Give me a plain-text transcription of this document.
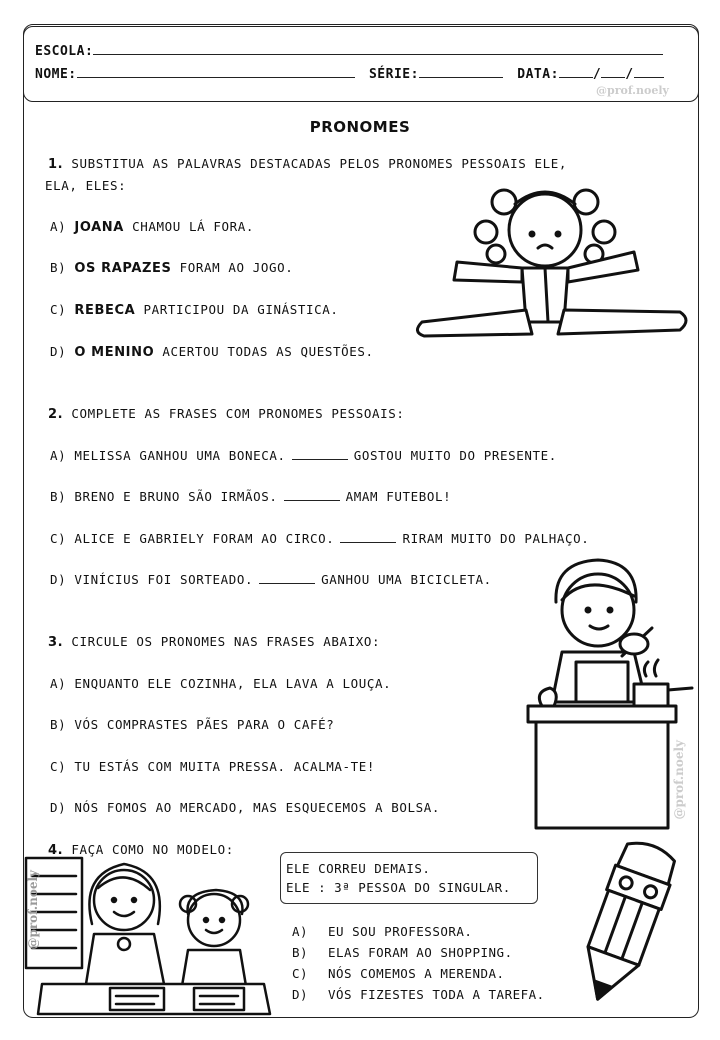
ESCOLA:
NOME:	SÉRIE:	DATA:	/ /
@prof.noely
PRONOMES
1. SUBSTITUA AS PALAVRAS DESTACADAS PELOS PRONOMES PESSOAIS ELE,
ELA, ELES:
A) JOANA CHAMOU LÁ FORA.
B) OS RAPAZES FORAM AO JOGO.
C) REBECA PARTICIPOU DA GINÁSTICA.
D) O MENINO ACERTOU TODAS AS QUESTÕES.
2. COMPLETE AS FRASES COM PRONOMES PESSOAIS:
A) MELISSA GANHOU UMA BONECA.	GOSTOU MUITO DO PRESENTE.
B) BRENO E BRUNO SÃO IRMÃOS.	AMAM FUTEBOL!
C) ALICE E GABRIELY FORAM AO CIRCO.	RIRAM MUITO DO PALHAÇO.
D) VINÍCIUS FOI SORTEADO.	GANHOU UMA BICICLETA.
@prof.noely
3. CIRCULE OS PRONOMES NAS FRASES ABAIXO:
A) ENQUANTO ELE COZINHA, ELA LAVA A LOUÇA.
B) VÓS COMPRASTES PÃES PARA O CAFÉ?
C) TU ESTÁS COM MUITA PRESSA. ACALMA-TE!
D) NÓS FOMOS AO MERCADO, MAS ESQUECEMOS A BOLSA.
4. FAÇA COMO NO MODELO:
@prof.noely
ELE CORREU DEMAIS.
ELE : 3ª PESSOA DO SINGULAR.
A) EU SOU PROFESSORA.
B) ELAS FORAM AO SHOPPING.
C) NÓS COMEMOS A MERENDA.
D) VÓS FIZESTES TODA A TAREFA.
